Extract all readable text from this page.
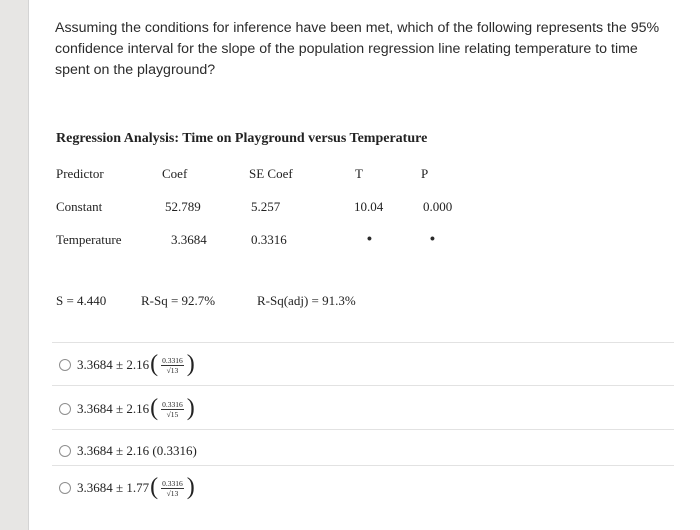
Assuming the conditions for inference have been met, which of the following represents the 95% confidence interval for the slope of the population regression line relating temperature to time spent on the playground?
Regression Analysis: Time on Playground versus Temperature
Predictor	Coef	SE Coef	T	P
Constant	52.789	5.257	10.04	0.000
Temperature	3.3684	0.3316	•	•
S = 4.440	R-Sq = 92.7%	R-Sq(adj) = 91.3%
3.3684 ± 2.16 ( $\frac{0.3316}{√13}$ )
3.3684 ± 2.16 ( $\frac{0.3316}{√15}$ )
3.3684 ± 2.16 (0.3316)
3.3684 ± 1.77 ( $\frac{0.3316}{√13}$ )
